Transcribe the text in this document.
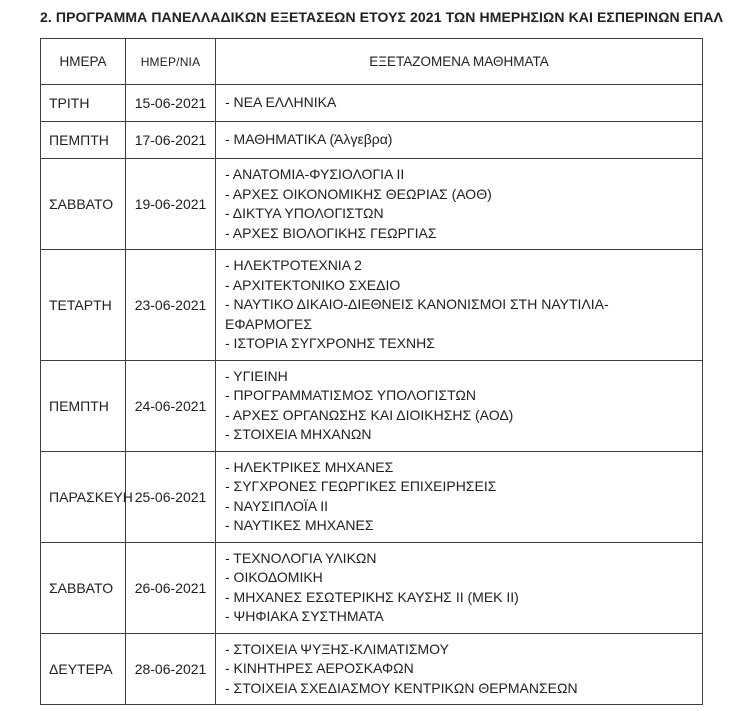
2. ΠΡΟΓΡΑΜΜΑ ΠΑΝΕΛΛΑΔΙΚΩΝ ΕΞΕΤΑΣΕΩΝ ΕΤΟΥΣ 2021 ΤΩΝ ΗΜΕΡΗΣΙΩΝ ΚΑΙ ΕΣΠΕΡΙΝΩΝ ΕΠΑΛ
ΗΜΕΡΑ	ΗΜΕΡ/ΝΙΑ	ΕΞΕΤΑΖΟΜΕΝΑ ΜΑΘΗΜΑΤΑ
ΤΡΙΤΗ	15-06-2021	- ΝΕΑ ΕΛΛΗΝΙΚΑ

ΠΕΜΠΤΗ	17-06-2021	- ΜΑΘΗΜΑΤΙΚΑ (Άλγεβρα)

ΣΑΒΒΑΤΟ	19-06-2021	- ΑΝΑΤΟΜΙΑ-ΦΥΣΙΟΛΟΓΙΑ II
- ΑΡΧΕΣ ΟΙΚΟΝΟΜΙΚΗΣ ΘΕΩΡΙΑΣ (ΑΟΘ)
- ΔΙΚΤΥΑ ΥΠΟΛΟΓΙΣΤΩΝ
- ΑΡΧΕΣ ΒΙΟΛΟΓΙΚΗΣ ΓΕΩΡΓΙΑΣ

ΤΕΤΑΡΤΗ	23-06-2021	- ΗΛΕΚΤΡΟΤΕΧΝΙΑ 2
- ΑΡΧΙΤΕΚΤΟΝΙΚΟ ΣΧΕΔΙΟ
- ΝΑΥΤΙΚΟ ΔΙΚΑΙΟ-ΔΙΕΘΝΕΙΣ ΚΑΝΟΝΙΣΜΟΙ ΣΤΗ ΝΑΥΤΙΛΙΑ-ΕΦΑΡΜΟΓΕΣ
- ΙΣΤΟΡΙΑ ΣΥΓΧΡΟΝΗΣ ΤΕΧΝΗΣ

ΠΕΜΠΤΗ	24-06-2021	- ΥΓΙΕΙΝΗ
- ΠΡΟΓΡΑΜΜΑΤΙΣΜΟΣ ΥΠΟΛΟΓΙΣΤΩΝ
- ΑΡΧΕΣ ΟΡΓΑΝΩΣΗΣ ΚΑΙ ΔΙΟΙΚΗΣΗΣ (ΑΟΔ)
- ΣΤΟΙΧΕΙΑ ΜΗΧΑΝΩΝ

ΠΑΡΑΣΚΕΥΗ	25-06-2021	- ΗΛΕΚΤΡΙΚΕΣ ΜΗΧΑΝΕΣ
- ΣΥΓΧΡΟΝΕΣ ΓΕΩΡΓΙΚΕΣ ΕΠΙΧΕΙΡΗΣΕΙΣ
- ΝΑΥΣΙΠΛΟΪΑ II
- ΝΑΥΤΙΚΕΣ ΜΗΧΑΝΕΣ

ΣΑΒΒΑΤΟ	26-06-2021	- ΤΕΧΝΟΛΟΓΙΑ ΥΛΙΚΩΝ
- ΟΙΚΟΔΟΜΙΚΗ
- ΜΗΧΑΝΕΣ ΕΣΩΤΕΡΙΚΗΣ ΚΑΥΣΗΣ II (ΜΕΚ II)
- ΨΗΦΙΑΚΑ ΣΥΣΤΗΜΑΤΑ

ΔΕΥΤΕΡΑ	28-06-2021	- ΣΤΟΙΧΕΙΑ ΨΥΞΗΣ-ΚΛΙΜΑΤΙΣΜΟΥ
- ΚΙΝΗΤΗΡΕΣ ΑΕΡΟΣΚΑΦΩΝ
- ΣΤΟΙΧΕΙΑ ΣΧΕΔΙΑΣΜΟΥ ΚΕΝΤΡΙΚΩΝ ΘΕΡΜΑΝΣΕΩΝ
